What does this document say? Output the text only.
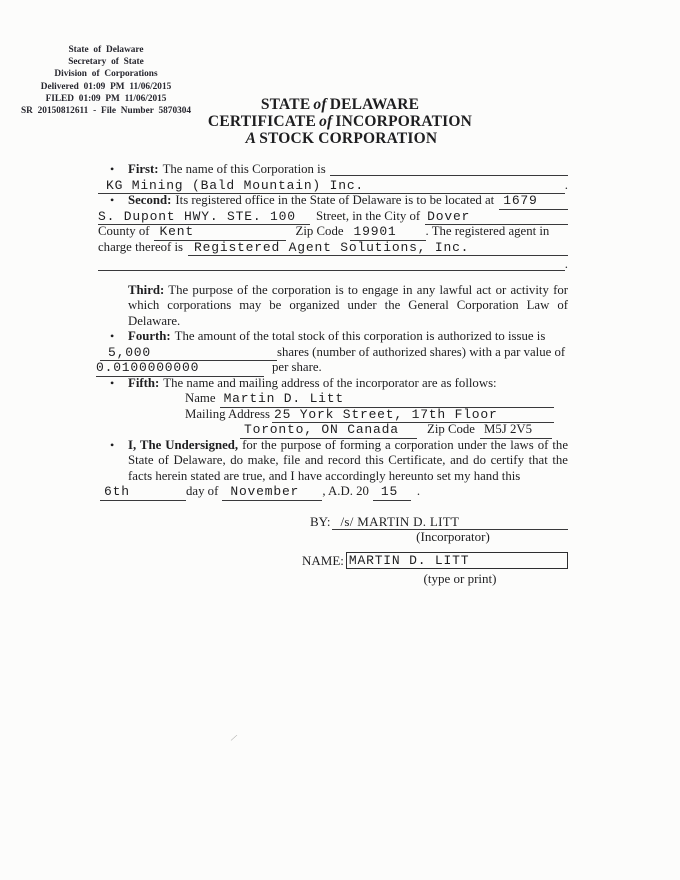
State of Delaware
Secretary of State
Division of Corporations
Delivered 01:09 PM 11/06/2015
FILED 01:09 PM 11/06/2015
SR 20150812611 - File Number 5870304	STATE of DELAWARE
CERTIFICATE of INCORPORATION
A STOCK CORPORATION
• First: The name of this Corporation is
KG Mining (Bald Mountain) Inc.	.
• Second: Its registered office in the State of Delaware is to be located at 1679
S. Dupont HWY. STE. 100	Street, in the City of Dover
County of Kent	Zip Code 19901	. The registered agent in
charge thereof is Registered Agent Solutions, Inc.
.
Third: The purpose of the corporation is to engage in any lawful act or activity for which corporations may be organized under the General Corporation Law of Delaware.
• Fourth: The amount of the total stock of this corporation is authorized to issue is
5,000	shares (number of authorized shares) with a par value of
0.0100000000	per share.
• Fifth: The name and mailing address of the incorporator are as follows:
Name Martin D. Litt
Mailing Address 25 York Street, 17th Floor
Toronto, ON Canada	Zip Code M5J 2V5
• I, The Undersigned, for the purpose of forming a corporation under the laws of the State of Delaware, do make, file and record this Certificate, and do certify that the facts herein stated are true, and I have accordingly hereunto set my hand this
6th	day of November	, A.D. 20 15	.
BY: /s/ MARTIN D. LITT
(Incorporator)
NAME: MARTIN D. LITT
(type or print)
⁄
